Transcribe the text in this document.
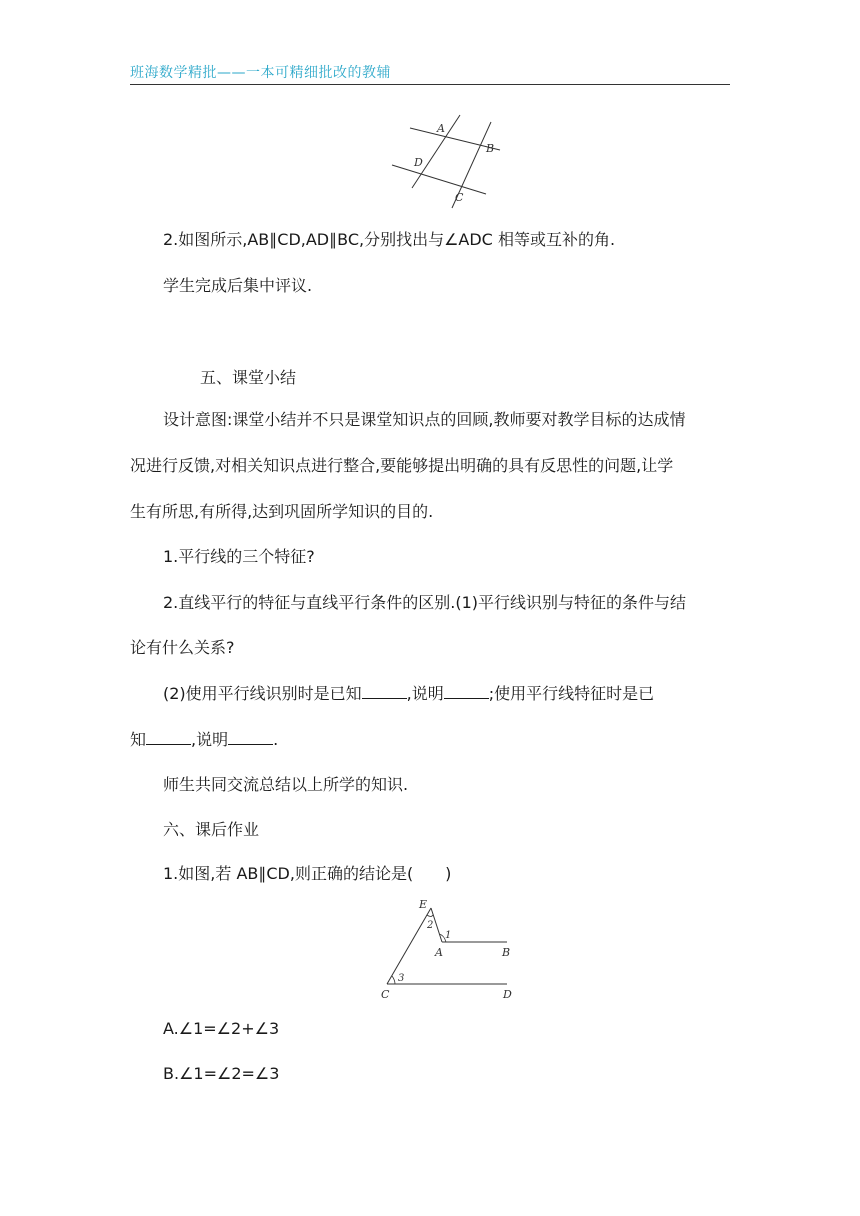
班海数学精批——一本可精细批改的教辅
A
B
D
C
2.如图所示,AB∥CD,AD∥BC,分别找出与∠ADC 相等或互补的角.
学生完成后集中评议.
五、课堂小结
设计意图:课堂小结并不只是课堂知识点的回顾,教师要对教学目标的达成情
况进行反馈,对相关知识点进行整合,要能够提出明确的具有反思性的问题,让学
生有所思,有所得,达到巩固所学知识的目的.
1.平行线的三个特征?
2.直线平行的特征与直线平行条件的区别.(1)平行线识别与特征的条件与结
论有什么关系?
(2)使用平行线识别时是已知	,说明	;使用平行线特征时是已
知	,说明	.
师生共同交流总结以上所学的知识.
六、课后作业
1.如图,若 AB∥CD,则正确的结论是(　　)
E
2
1
A	B
3
C	D
A.∠1=∠2+∠3
B.∠1=∠2=∠3
